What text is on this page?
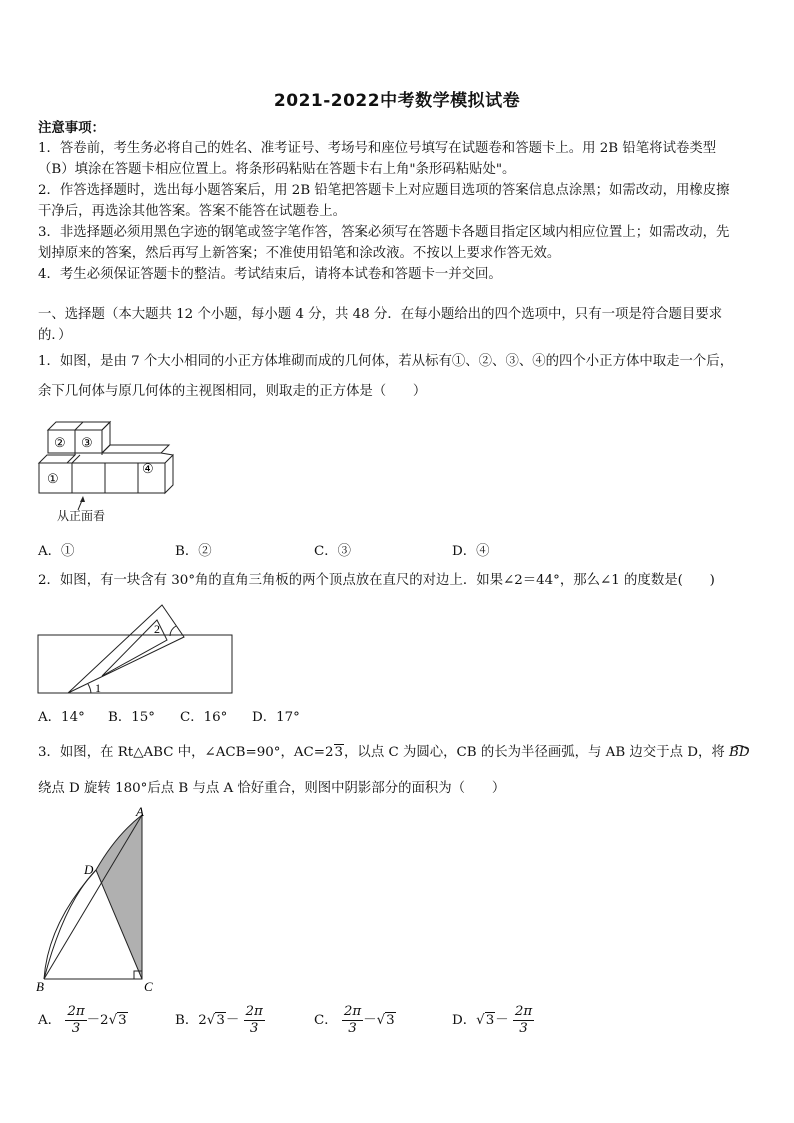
2021-2022中考数学模拟试卷
注意事项：
1．答卷前，考生务必将自己的姓名、准考证号、考场号和座位号填写在试题卷和答题卡上。用 2B 铅笔将试卷类型
（B）填涂在答题卡相应位置上。将条形码粘贴在答题卡右上角"条形码粘贴处"。
2．作答选择题时，选出每小题答案后，用 2B 铅笔把答题卡上对应题目选项的答案信息点涂黑；如需改动，用橡皮擦
干净后，再选涂其他答案。答案不能答在试题卷上。
3．非选择题必须用黑色字迹的钢笔或签字笔作答，答案必须写在答题卡各题目指定区域内相应位置上；如需改动，先
划掉原来的答案，然后再写上新答案；不准使用铅笔和涂改液。不按以上要求作答无效。
4．考生必须保证答题卡的整洁。考试结束后，请将本试卷和答题卡一并交回。
一、选择题（本大题共 12 个小题，每小题 4 分，共 48 分．在每小题给出的四个选项中，只有一项是符合题目要求
的．）
1．如图，是由 7 个大小相同的小正方体堆砌而成的几何体，若从标有①、②、③、④的四个小正方体中取走一个后，
余下几何体与原几何体的主视图相同，则取走的正方体是（　　）
② ③
①
④
从正面看
A．①	B．②	C．③	D．④
2．如图，有一块含有 30°角的直角三角板的两个顶点放在直尺的对边上．如果∠2＝44°，那么∠1 的度数是(　　)
2
1
A．14° B．15° C．16° D．17°
3．如图，在 Rt△ABC 中，∠ACB=90°，AC=23，以点 C 为圆心，CB 的长为半径画弧，与 AB 边交于点 D，将 BD
绕点 D 旋转 180°后点 B 与点 A 恰好重合，则图中阴影部分的面积为（　　）
A
D
B	C
A． $\frac{2\pi}{3} -2√3$	B．$2√3- \frac{2\pi}{3}$	C． $\frac{2\pi}{3} -√3$	D．$√3- \frac{2\pi}{3}$
